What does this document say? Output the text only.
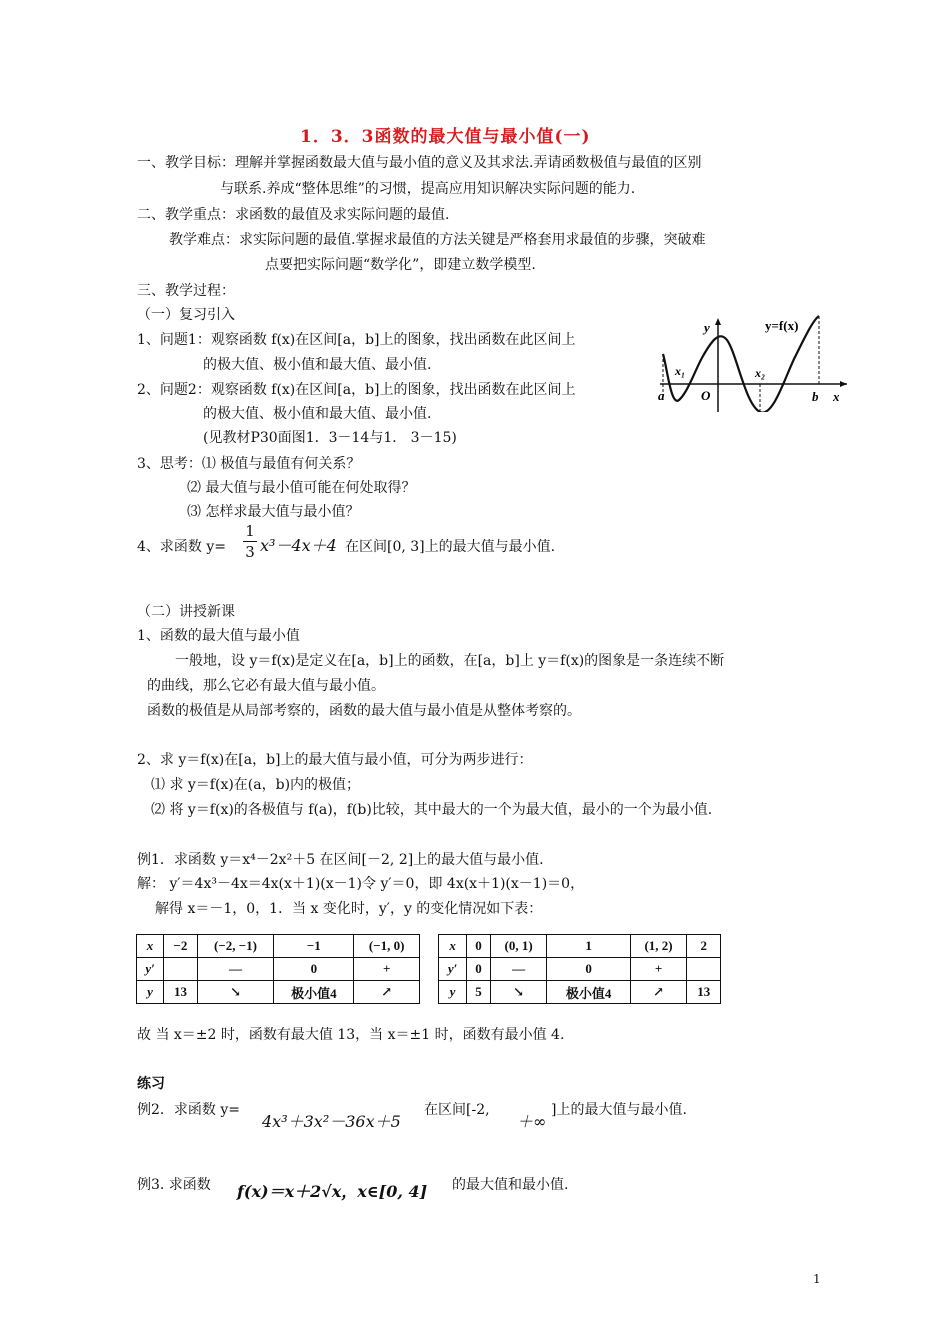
1．3．3函数的最大值与最小值(一)
一、教学目标：理解并掌握函数最大值与最小值的意义及其求法.弄请函数极值与最值的区别
与联系.养成“整体思维”的习惯，提高应用知识解决实际问题的能力.
二、教学重点：求函数的最值及求实际问题的最值.
教学难点：求实际问题的最值.掌握求最值的方法关键是严格套用求最值的步骤，突破难
点要把实际问题“数学化”，即建立数学模型.
三、教学过程：
（一）复习引入
1、问题1：观察函数 f(x)在区间[a，b]上的图象，找出函数在此区间上
的极大值、极小值和最大值、最小值.
2、问题2：观察函数 f(x)在区间[a，b]上的图象，找出函数在此区间上
的极大值、极小值和最大值、最小值.
(见教材P30面图1．3－14与1． 3－15)
3、思考：⑴ 极值与最值有何关系？
⑵ 最大值与最小值可能在何处取得？
⑶ 怎样求最大值与最小值？
4、求函数 y=
1
3 x³－4x＋4 在区间[0, 3]上的最大值与最小值.
y	y=f(x)
x₁	x₂
a	O	b x
（二）讲授新课
1、函数的最大值与最小值
一般地，设 y＝f(x)是定义在[a，b]上的函数，在[a，b]上 y＝f(x)的图象是一条连续不断
的曲线，那么它必有最大值与最小值。
函数的极值是从局部考察的，函数的最大值与最小值是从整体考察的。
2、求 y＝f(x)在[a，b]上的最大值与最小值，可分为两步进行：
⑴ 求 y＝f(x)在(a，b)内的极值；
⑵ 将 y＝f(x)的各极值与 f(a)，f(b)比较，其中最大的一个为最大值，最小的一个为最小值.
例1．求函数 y＝x⁴－2x²＋5 在区间[－2, 2]上的最大值与最小值.
解： y′＝4x³－4x＝4x(x＋1)(x－1)令 y′＝0，即 4x(x＋1)(x－1)＝0，
解得 x＝－1，0，1．当 x 变化时，y′，y 的变化情况如下表：
x	−2	(−2, −1)	−1	(−1, 0)
y′		—	0	+
y	13	↘	极小值4	↗
x	0	(0, 1)	1	(1, 2)	2
y′	0	—	0	+	
y	5	↘	极小值4	↗	13
故 当 x＝±2 时，函数有最大值 13，当 x＝±1 时，函数有最小值 4.
练习
例2．求函数 y=
4x³＋3x²－36x＋5
在区间[-2,
＋∞
]上的最大值与最小值.
例3. 求函数 f(x)＝x＋2√x，x∈[0, 4] 的最大值和最小值.
1
